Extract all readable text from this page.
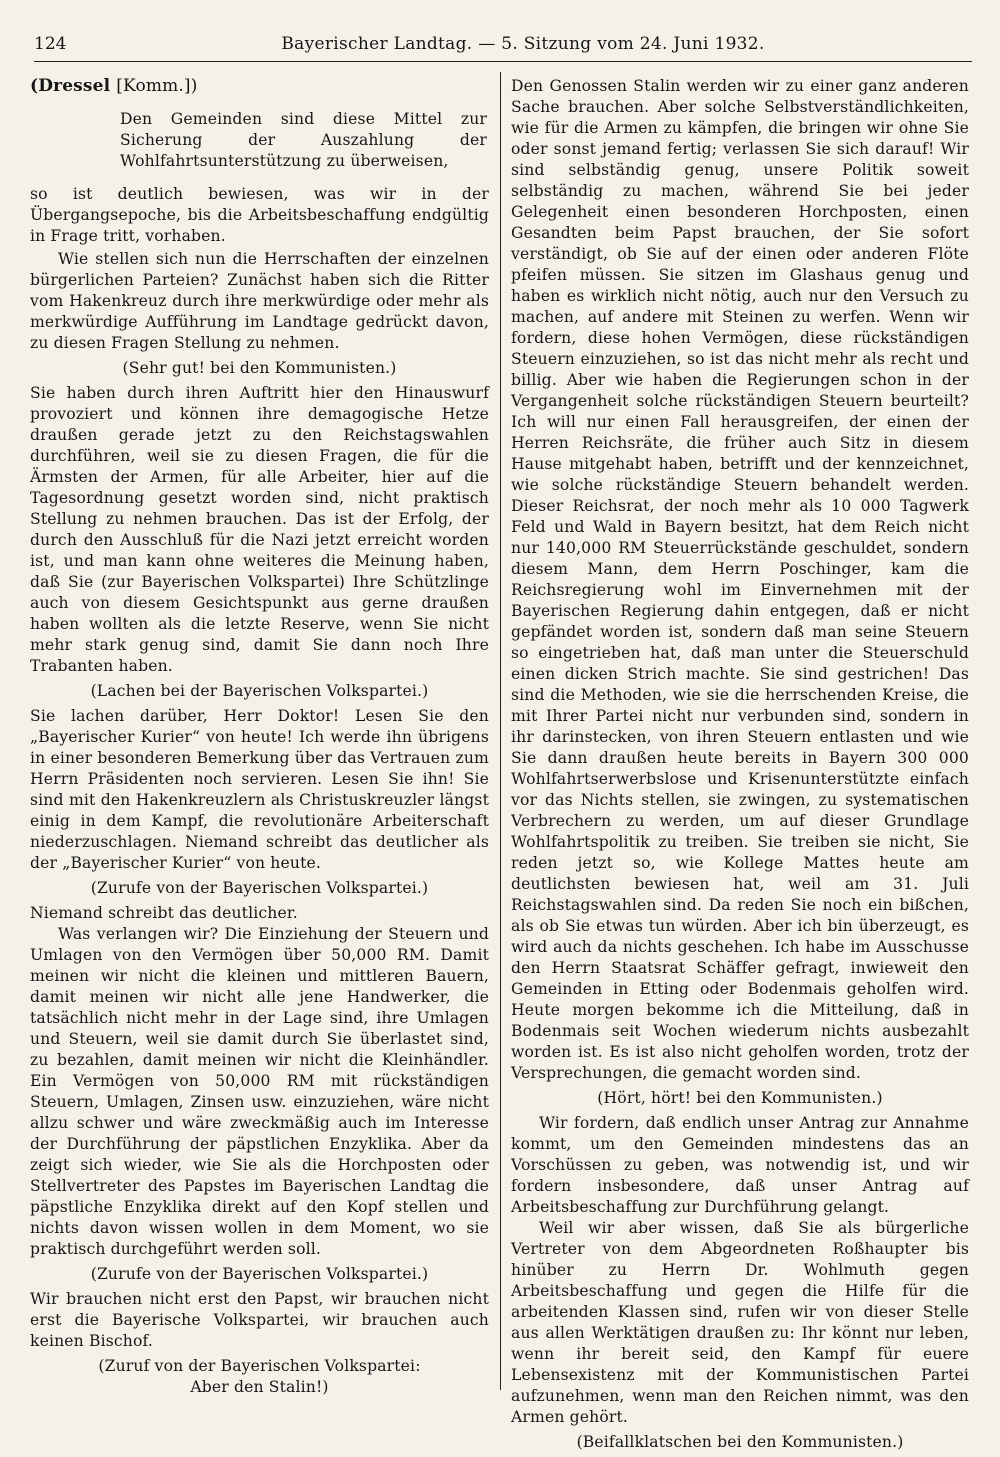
124	Bayerischer Landtag. — 5. Sitzung vom 24. Juni 1932.

(Dressel [Komm.])

Den Gemeinden sind diese Mittel zur Sicherung der Auszahlung der Wohlfahrtsunterstützung zu überweisen,

so ist deutlich bewiesen, was wir in der Übergangsepoche, bis die Arbeitsbeschaffung endgültig in Frage tritt, vorhaben.

Wie stellen sich nun die Herrschaften der einzelnen bürgerlichen Parteien? Zunächst haben sich die Ritter vom Hakenkreuz durch ihre merkwürdige oder mehr als merkwürdige Aufführung im Landtage gedrückt davon, zu diesen Fragen Stellung zu nehmen.

(Sehr gut! bei den Kommunisten.)

Sie haben durch ihren Auftritt hier den Hinauswurf provoziert und können ihre demagogische Hetze draußen gerade jetzt zu den Reichstagswahlen durchführen, weil sie zu diesen Fragen, die für die Ärmsten der Armen, für alle Arbeiter, hier auf die Tagesordnung gesetzt worden sind, nicht praktisch Stellung zu nehmen brauchen. Das ist der Erfolg, der durch den Ausschluß für die Nazi jetzt erreicht worden ist, und man kann ohne weiteres die Meinung haben, daß Sie (zur Bayerischen Volkspartei) Ihre Schützlinge auch von diesem Gesichtspunkt aus gerne draußen haben wollten als die letzte Reserve, wenn Sie nicht mehr stark genug sind, damit Sie dann noch Ihre Trabanten haben.

(Lachen bei der Bayerischen Volkspartei.)

Sie lachen darüber, Herr Doktor! Lesen Sie den „Bayerischer Kurier“ von heute! Ich werde ihn übrigens in einer besonderen Bemerkung über das Vertrauen zum Herrn Präsidenten noch servieren. Lesen Sie ihn! Sie sind mit den Hakenkreuzlern als Christuskreuzler längst einig in dem Kampf, die revolutionäre Arbeiterschaft niederzuschlagen. Niemand schreibt das deutlicher als der „Bayerischer Kurier“ von heute.

(Zurufe von der Bayerischen Volkspartei.)

Niemand schreibt das deutlicher.

Was verlangen wir? Die Einziehung der Steuern und Umlagen von den Vermögen über 50,000 RM. Damit meinen wir nicht die kleinen und mittleren Bauern, damit meinen wir nicht alle jene Handwerker, die tatsächlich nicht mehr in der Lage sind, ihre Umlagen und Steuern, weil sie damit durch Sie überlastet sind, zu bezahlen, damit meinen wir nicht die Kleinhändler. Ein Vermögen von 50,000 RM mit rückständigen Steuern, Umlagen, Zinsen usw. einzuziehen, wäre nicht allzu schwer und wäre zweckmäßig auch im Interesse der Durchführung der päpstlichen Enzyklika. Aber da zeigt sich wieder, wie Sie als die Horchposten oder Stellvertreter des Papstes im Bayerischen Landtag die päpstliche Enzyklika direkt auf den Kopf stellen und nichts davon wissen wollen in dem Moment, wo sie praktisch durchgeführt werden soll.

(Zurufe von der Bayerischen Volkspartei.)

Wir brauchen nicht erst den Papst, wir brauchen nicht erst die Bayerische Volkspartei, wir brauchen auch keinen Bischof.

(Zuruf von der Bayerischen Volkspartei:

Aber den Stalin!)

Den Genossen Stalin werden wir zu einer ganz anderen Sache brauchen. Aber solche Selbstverständlichkeiten, wie für die Armen zu kämpfen, die bringen wir ohne Sie oder sonst jemand fertig; verlassen Sie sich darauf! Wir sind selbständig genug, unsere Politik soweit selbständig zu machen, während Sie bei jeder Gelegenheit einen besonderen Horchposten, einen Gesandten beim Papst brauchen, der Sie sofort verständigt, ob Sie auf der einen oder anderen Flöte pfeifen müssen. Sie sitzen im Glashaus genug und haben es wirklich nicht nötig, auch nur den Versuch zu machen, auf andere mit Steinen zu werfen. Wenn wir fordern, diese hohen Vermögen, diese rückständigen Steuern einzuziehen, so ist das nicht mehr als recht und billig. Aber wie haben die Regierungen schon in der Vergangenheit solche rückständigen Steuern beurteilt? Ich will nur einen Fall herausgreifen, der einen der Herren Reichsräte, die früher auch Sitz in diesem Hause mitgehabt haben, betrifft und der kennzeichnet, wie solche rückständige Steuern behandelt werden. Dieser Reichsrat, der noch mehr als 10 000 Tagwerk Feld und Wald in Bayern besitzt, hat dem Reich nicht nur 140,000 RM Steuerrückstände geschuldet, sondern diesem Mann, dem Herrn Poschinger, kam die Reichsregierung wohl im Einvernehmen mit der Bayerischen Regierung dahin entgegen, daß er nicht gepfändet worden ist, sondern daß man seine Steuern so eingetrieben hat, daß man unter die Steuerschuld einen dicken Strich machte. Sie sind gestrichen! Das sind die Methoden, wie sie die herrschenden Kreise, die mit Ihrer Partei nicht nur verbunden sind, sondern in ihr darinstecken, von ihren Steuern entlasten und wie Sie dann draußen heute bereits in Bayern 300 000 Wohlfahrtserwerbslose und Krisenunterstützte einfach vor das Nichts stellen, sie zwingen, zu systematischen Verbrechern zu werden, um auf dieser Grundlage Wohlfahrtspolitik zu treiben. Sie treiben sie nicht, Sie reden jetzt so, wie Kollege Mattes heute am deutlichsten bewiesen hat, weil am 31. Juli Reichstagswahlen sind. Da reden Sie noch ein bißchen, als ob Sie etwas tun würden. Aber ich bin überzeugt, es wird auch da nichts geschehen. Ich habe im Ausschusse den Herrn Staatsrat Schäffer gefragt, inwieweit den Gemeinden in Etting oder Bodenmais geholfen wird. Heute morgen bekomme ich die Mitteilung, daß in Bodenmais seit Wochen wiederum nichts ausbezahlt worden ist. Es ist also nicht geholfen worden, trotz der Versprechungen, die gemacht worden sind.

(Hört, hört! bei den Kommunisten.)

Wir fordern, daß endlich unser Antrag zur Annahme kommt, um den Gemeinden mindestens das an Vorschüssen zu geben, was notwendig ist, und wir fordern insbesondere, daß unser Antrag auf Arbeitsbeschaffung zur Durchführung gelangt.

Weil wir aber wissen, daß Sie als bürgerliche Vertreter von dem Abgeordneten Roßhaupter bis hinüber zu Herrn Dr. Wohlmuth gegen Arbeitsbeschaffung und gegen die Hilfe für die arbeitenden Klassen sind, rufen wir von dieser Stelle aus allen Werktätigen draußen zu: Ihr könnt nur leben, wenn ihr bereit seid, den Kampf für euere Lebensexistenz mit der Kommunistischen Partei aufzunehmen, wenn man den Reichen nimmt, was den Armen gehört.

(Beifallklatschen bei den Kommunisten.)
